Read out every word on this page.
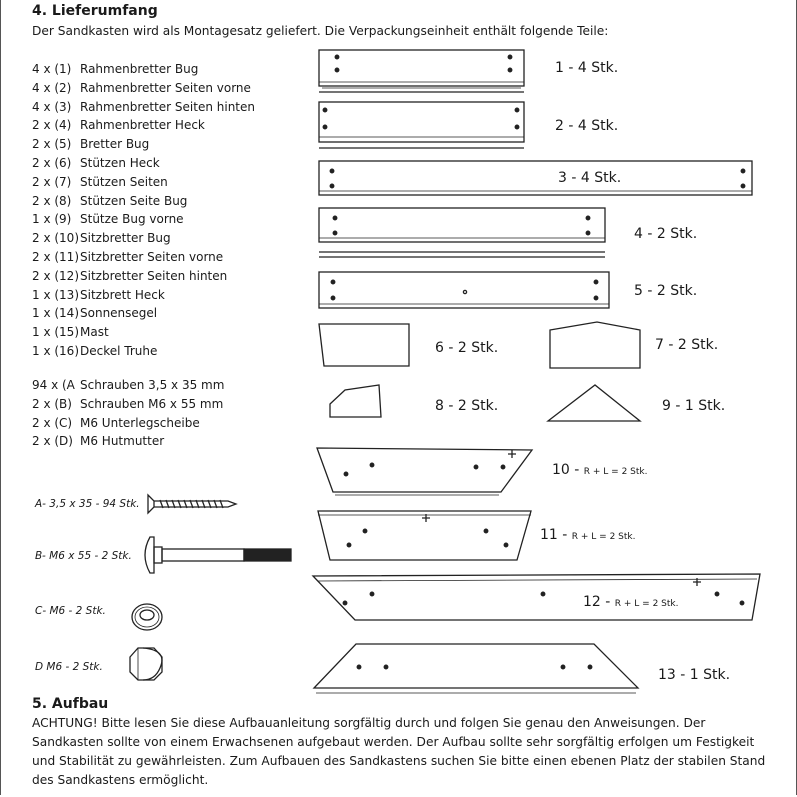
4. Lieferumfang
Der Sandkasten wird als Montagesatz geliefert. Die Verpackungseinheit enthält folgende Teile:
4 x (1) Rahmenbretter Bug
4 x (2) Rahmenbretter Seiten vorne
4 x (3) Rahmenbretter Seiten hinten
2 x (4) Rahmenbretter Heck
2 x (5) Bretter Bug
2 x (6) Stützen Heck
2 x (7) Stützen Seiten
2 x (8) Stützen Seite Bug
1 x (9) Stütze Bug vorne
2 x (10)Sitzbretter Bug
2 x (11)Sitzbretter Seiten vorne
2 x (12)Sitzbretter Seiten hinten
1 x (13)Sitzbrett Heck
1 x (14)Sonnensegel
1 x (15)Mast
1 x (16)Deckel Truhe
94 x (A Schrauben 3,5 x 35 mm
2 x (B) Schrauben M6 x 55 mm
2 x (C) M6 Unterlegscheibe
2 x (D) M6 Hutmutter
1 - 4 Stk.
2 - 4 Stk.
3 - 4 Stk.
4 - 2 Stk.
5 - 2 Stk.
6 - 2 Stk.	7 - 2 Stk.
8 - 2 Stk.	9 - 1 Stk.
10 - R + L = 2 Stk.
11 - R + L = 2 Stk.
12 - R + L = 2 Stk.
13 - 1 Stk.
A- 3,5 x 35 - 94 Stk.
B- M6 x 55 - 2 Stk.
C- M6 - 2 Stk.
D M6 - 2 Stk.
5. Aufbau
ACHTUNG! Bitte lesen Sie diese Aufbauanleitung sorgfältig durch und folgen Sie genau den Anweisungen. Der Sandkasten sollte von einem Erwachsenen aufgebaut werden. Der Aufbau sollte sehr sorgfältig erfolgen um Festigkeit und Stabilität zu gewährleisten. Zum Aufbauen des Sandkastens suchen Sie bitte einen ebenen Platz der stabilen Stand des Sandkastens ermöglicht.
